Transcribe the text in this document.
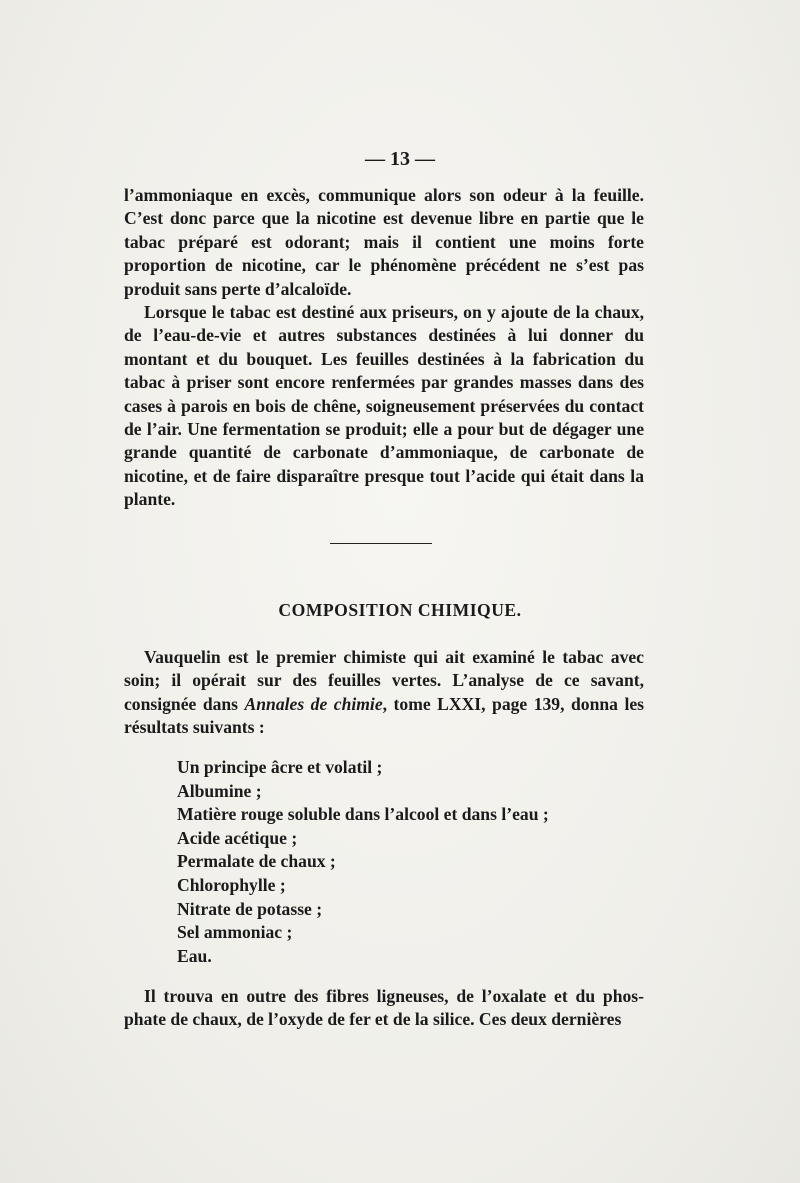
— 13 —

l’ammoniaque en excès, communique alors son odeur à la feuille. C’est donc parce que la nicotine est devenue libre en partie que le tabac préparé est odorant; mais il contient une moins forte proportion de nicotine, car le phénomène précédent ne s’est pas produit sans perte d’alcaloïde.

Lorsque le tabac est destiné aux priseurs, on y ajoute de la chaux, de l’eau-de-vie et autres substances destinées à lui donner du montant et du bouquet. Les feuilles destinées à la fabrication du tabac à priser sont encore renfermées par grandes masses dans des cases à parois en bois de chêne, soigneusement préservées du contact de l’air. Une fermentation se produit; elle a pour but de dégager une grande quantité de carbonate d’ammoniaque, de carbonate de nicotine, et de faire disparaître presque tout l’acide qui était dans la plante.

COMPOSITION CHIMIQUE.

Vauquelin est le premier chimiste qui ait examiné le tabac avec soin; il opérait sur des feuilles vertes. L’analyse de ce savant, consignée dans Annales de chimie, tome LXXI, page 139, donna les résultats suivants :

Un principe âcre et volatil ;
Albumine ;
Matière rouge soluble dans l’alcool et dans l’eau ;
Acide acétique ;
Permalate de chaux ;
Chlorophylle ;
Nitrate de potasse ;
Sel ammoniac ;
Eau.

Il trouva en outre des fibres ligneuses, de l’oxalate et du phos- phate de chaux, de l’oxyde de fer et de la silice. Ces deux dernières
